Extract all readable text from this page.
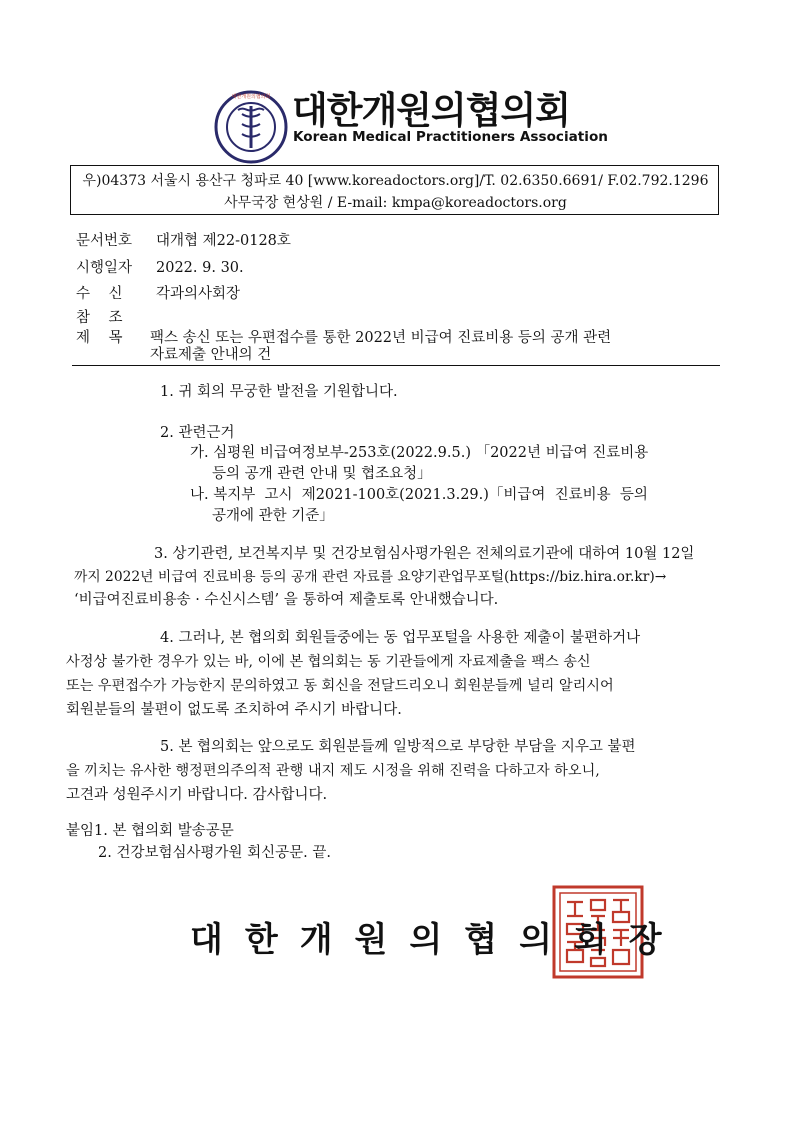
대한개원의협의회 대한개원의협의회
Korean Medical Practitioners Association
우)04373 서울시 용산구 청파로 40 [www.koreadoctors.org]/T. 02.6350.6691/ F.02.792.1296
사무국장 현상원 / E-mail: kmpa@koreadoctors.org
문서번호 대개협 제22-0128호
시행일자 2022. 9. 30.
수    신 각과의사회장
참    조
제    목 팩스 송신 또는 우편접수를 통한 2022년 비급여 진료비용 등의 공개 관련
자료제출 안내의 건
1. 귀 회의 무궁한 발전을 기원합니다.
2. 관련근거
가. 심평원 비급여정보부-253호(2022.9.5.) 「2022년 비급여 진료비용
등의 공개 관련 안내 및 협조요청」
나. 복지부  고시  제2021-100호(2021.3.29.)「비급여  진료비용  등의
공개에 관한 기준」
3. 상기관련, 보건복지부 및 건강보험심사평가원은 전체의료기관에 대하여 10월 12일
까지 2022년 비급여 진료비용 등의 공개 관련 자료를 요양기관업무포털(https://biz.hira.or.kr)→
‘비급여진료비용송 · 수신시스템’ 을 통하여 제출토록 안내했습니다.
4. 그러나, 본 협의회 회원들중에는 동 업무포털을 사용한 제출이 불편하거나
사정상 불가한 경우가 있는 바, 이에 본 협의회는 동 기관들에게 자료제출을 팩스 송신
또는 우편접수가 가능한지 문의하였고 동 회신을 전달드리오니 회원분들께 널리 알리시어
회원분들의 불편이 없도록 조치하여 주시기 바랍니다.
5. 본 협의회는 앞으로도 회원분들께 일방적으로 부당한 부담을 지우고 불편
을 끼치는 유사한 행정편의주의적 관행 내지 제도 시정을 위해 진력을 다하고자 하오니,
고견과 성원주시기 바랍니다. 감사합니다.
붙임1. 본 협의회 발송공문
2. 건강보험심사평가원 회신공문. 끝.
대한개원의협의회장
